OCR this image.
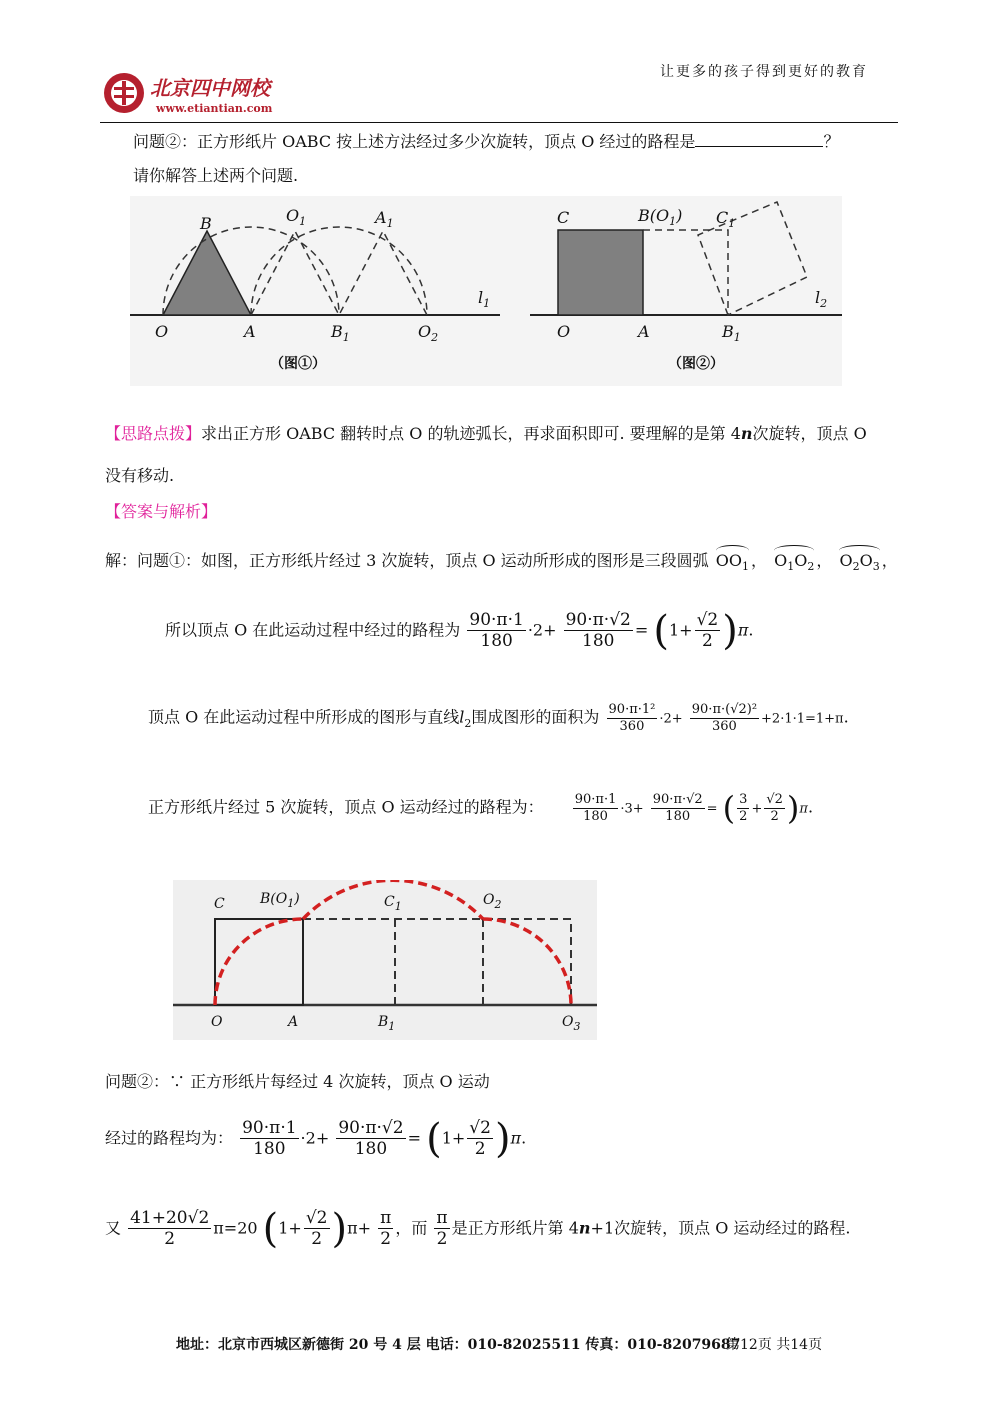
让更多的孩子得到更好的教育
北京四中网校
www.etiantian.com
问题②：正方形纸片 OABC 按上述方法经过多少次旋转，顶点 O 经过的路程是	？
请你解答上述两个问题.
B	$O_1$	$A_1$
$l_1$
O	A	$B_1$	$O_2$
（图①）
C	$B(O_1)$ $C_1$
$l_2$
O	A	$B_1$
（图②）
【思路点拨】求出正方形 OABC 翻转时点 O 的轨迹弧长，再求面积即可. 要理解的是第 4n次旋转，顶点 O
没有移动.
【答案与解析】
解：问题①：如图，正方形纸片经过 3 次旋转，顶点 O 运动所形成的图形是三段圆弧 $OO_1$ ， $O_1O_2$ ， $O_2O_3$ ，
所以顶点 O 在此运动过程中经过的路程为 $\frac{90\cdot\pi\cdot 1}{180} \cdot 2+ \frac{90\cdot\pi\cdot√2}{180} = (1+ \frac{√2}{2} )\pi$.
顶点 O 在此运动过程中所形成的图形与直线$l_2$围成图形的面积为 $\frac{\text{90·π·1²}}{360} \cdot 2+ \frac{\text{90·π·(√2)²}}{360} +2\cdot 1\cdot 1=1+\pi$.
正方形纸片经过 5 次旋转，顶点 O 运动经过的路程为： $\frac{90\cdot\pi\cdot 1}{180} \cdot 3+ \frac{90\cdot\pi\cdot√2}{180}$ = ( $\frac{3}{2} + \frac{√2}{2} )\pi$.
C	$B(O_1)$	$C_1$	$O_2$
O	A	$B_1$	$O_3$
问题②：∵ 正方形纸片每经过 4 次旋转，顶点 O 运动
经过的路程均为： $\frac{90\cdot\pi\cdot 1}{180} \cdot 2+ \frac{90\cdot\pi\cdot√2}{180} = (1+ \frac{√2}{2} )\pi$.
又 $\frac{41+20√2}{2} \pi=20$ $(1+ \frac{√2}{2} )\pi+ \frac{\pi}{2}$ ，而 $\frac{\pi}{2}$ 是正方形纸片第 4n+1次旋转，顶点 O 运动经过的路程.
地址：北京市西城区新德街 20 号 4 层 电话：010-82025511 传真：010-82079687
第12页 共14页
